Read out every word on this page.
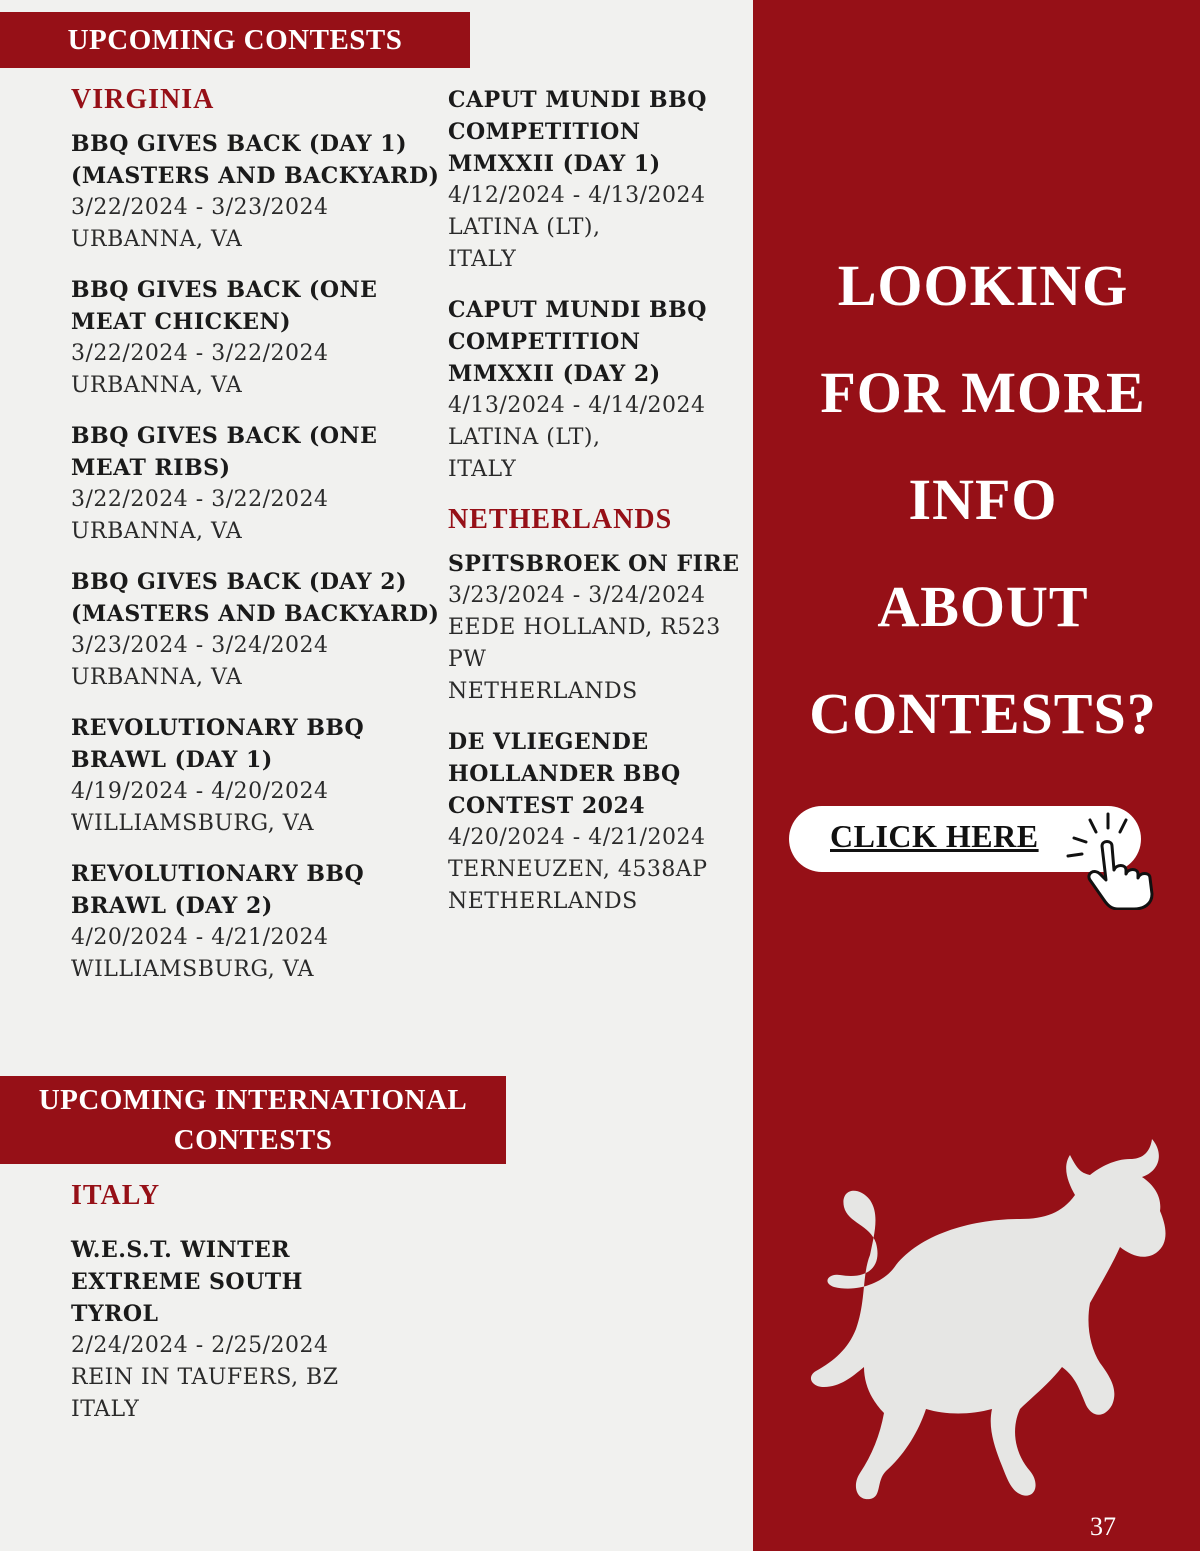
UPCOMING CONTESTS
VIRGINIA
BBQ GIVES BACK (DAY 1) (MASTERS AND BACKYARD)
3/22/2024 - 3/23/2024
URBANNA, VA
BBQ GIVES BACK (ONE MEAT CHICKEN)
3/22/2024 - 3/22/2024
URBANNA, VA
BBQ GIVES BACK (ONE MEAT RIBS)
3/22/2024 - 3/22/2024
URBANNA, VA
BBQ GIVES BACK (DAY 2) (MASTERS AND BACKYARD)
3/23/2024 - 3/24/2024
URBANNA, VA
REVOLUTIONARY BBQ BRAWL (DAY 1)
4/19/2024 - 4/20/2024
WILLIAMSBURG, VA
REVOLUTIONARY BBQ BRAWL (DAY 2)
4/20/2024 - 4/21/2024
WILLIAMSBURG, VA
CAPUT MUNDI BBQ COMPETITION MMXXII (DAY 1)
4/12/2024 - 4/13/2024
LATINA (LT),
ITALY
CAPUT MUNDI BBQ COMPETITION MMXXII (DAY 2)
4/13/2024 - 4/14/2024
LATINA (LT),
ITALY
NETHERLANDS
SPITSBROEK ON FIRE
3/23/2024 - 3/24/2024
EEDE HOLLAND, R523 PW
NETHERLANDS
DE VLIEGENDE HOLLANDER BBQ CONTEST 2024
4/20/2024 - 4/21/2024
TERNEUZEN, 4538AP
NETHERLANDS
UPCOMING INTERNATIONAL
CONTESTS
ITALY
W.E.S.T. WINTER EXTREME SOUTH TYROL
2/24/2024 - 2/25/2024
REIN IN TAUFERS, BZ
ITALY
LOOKING
FOR MORE
INFO
ABOUT
CONTESTS?
CLICK HERE
37
